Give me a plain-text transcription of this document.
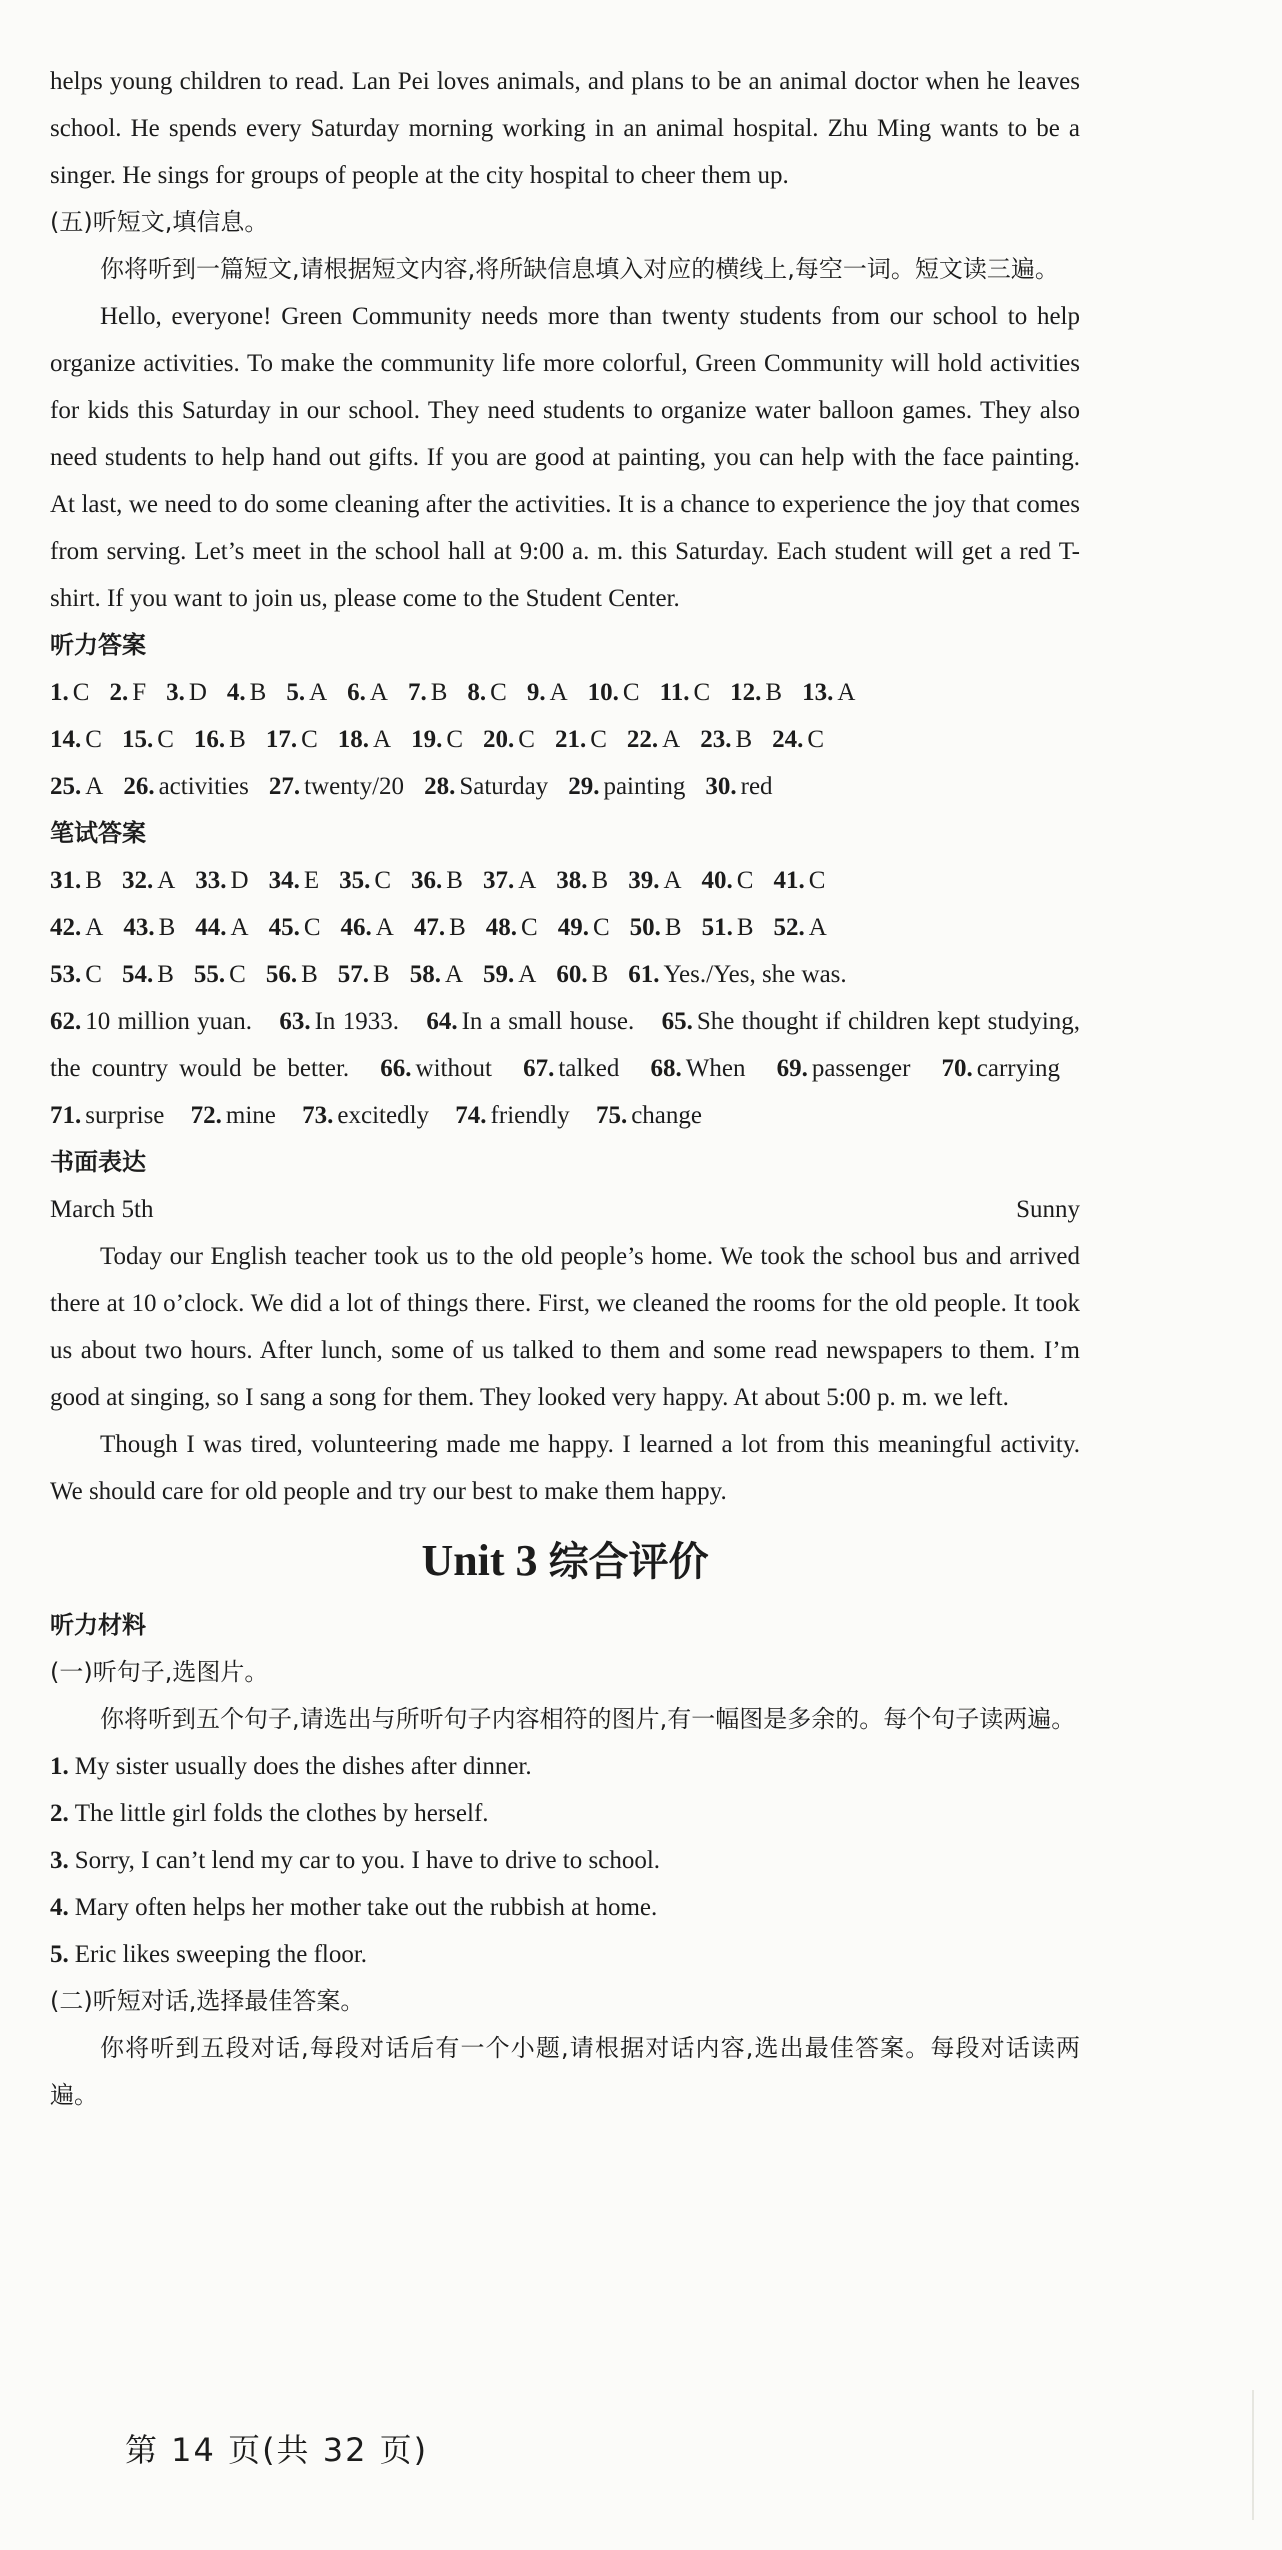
helps young children to read. Lan Pei loves animals, and plans to be an animal doctor when he leaves school. He spends every Saturday morning working in an animal hospital. Zhu Ming wants to be a singer. He sings for groups of people at the city hospital to cheer them up.

(五)听短文,填信息。

你将听到一篇短文,请根据短文内容,将所缺信息填入对应的横线上,每空一词。短文读三遍。

Hello, everyone! Green Community needs more than twenty students from our school to help organize activities. To make the community life more colorful, Green Community will hold activities for kids this Saturday in our school. They need students to organize water balloon games. They also need students to help hand out gifts. If you are good at painting, you can help with the face painting. At last, we need to do some cleaning after the activities. It is a chance to experience the joy that comes from serving. Let’s meet in the school hall at 9:00 a. m. this Saturday. Each student will get a red T-shirt. If you want to join us, please come to the Student Center.

听力答案

1. C 2. F 3. D 4. B 5. A 6. A 7. B 8. C 9. A 10. C 11. C 12. B 13. A
14. C 15. C 16. B 17. C 18. A 19. C 20. C 21. C 22. A 23. B 24. C
25. A 26. activities 27. twenty/20 28. Saturday 29. painting 30. red

笔试答案

31. B 32. A 33. D 34. E 35. C 36. B 37. A 38. B 39. A 40. C 41. C
42. A 43. B 44. A 45. C 46. A 47. B 48. C 49. C 50. B 51. B 52. A
53. C 54. B 55. C 56. B 57. B 58. A 59. A 60. B 61. Yes./Yes, she was.
62. 10 million yuan. 63. In 1933. 64. In a small house. 65. She thought if children kept studying, the country would be better. 66. without 67. talked 68. When 69. passenger 70. carrying 71. surprise 72. mine 73. excitedly 74. friendly 75. change

书面表达

March 5th	Sunny

Today our English teacher took us to the old people’s home. We took the school bus and arrived there at 10 o’clock. We did a lot of things there. First, we cleaned the rooms for the old people. It took us about two hours. After lunch, some of us talked to them and some read newspapers to them. I’m good at singing, so I sang a song for them. They looked very happy. At about 5:00 p. m. we left.

Though I was tired, volunteering made me happy. I learned a lot from this meaningful activity. We should care for old people and try our best to make them happy.

Unit 3 综合评价

听力材料

(一)听句子,选图片。

你将听到五个句子,请选出与所听句子内容相符的图片,有一幅图是多余的。每个句子读两遍。

1. My sister usually does the dishes after dinner.

2. The little girl folds the clothes by herself.

3. Sorry, I can’t lend my car to you. I have to drive to school.

4. Mary often helps her mother take out the rubbish at home.

5. Eric likes sweeping the floor.

(二)听短对话,选择最佳答案。

你将听到五段对话,每段对话后有一个小题,请根据对话内容,选出最佳答案。每段对话读两遍。

第 14 页(共 32 页)
